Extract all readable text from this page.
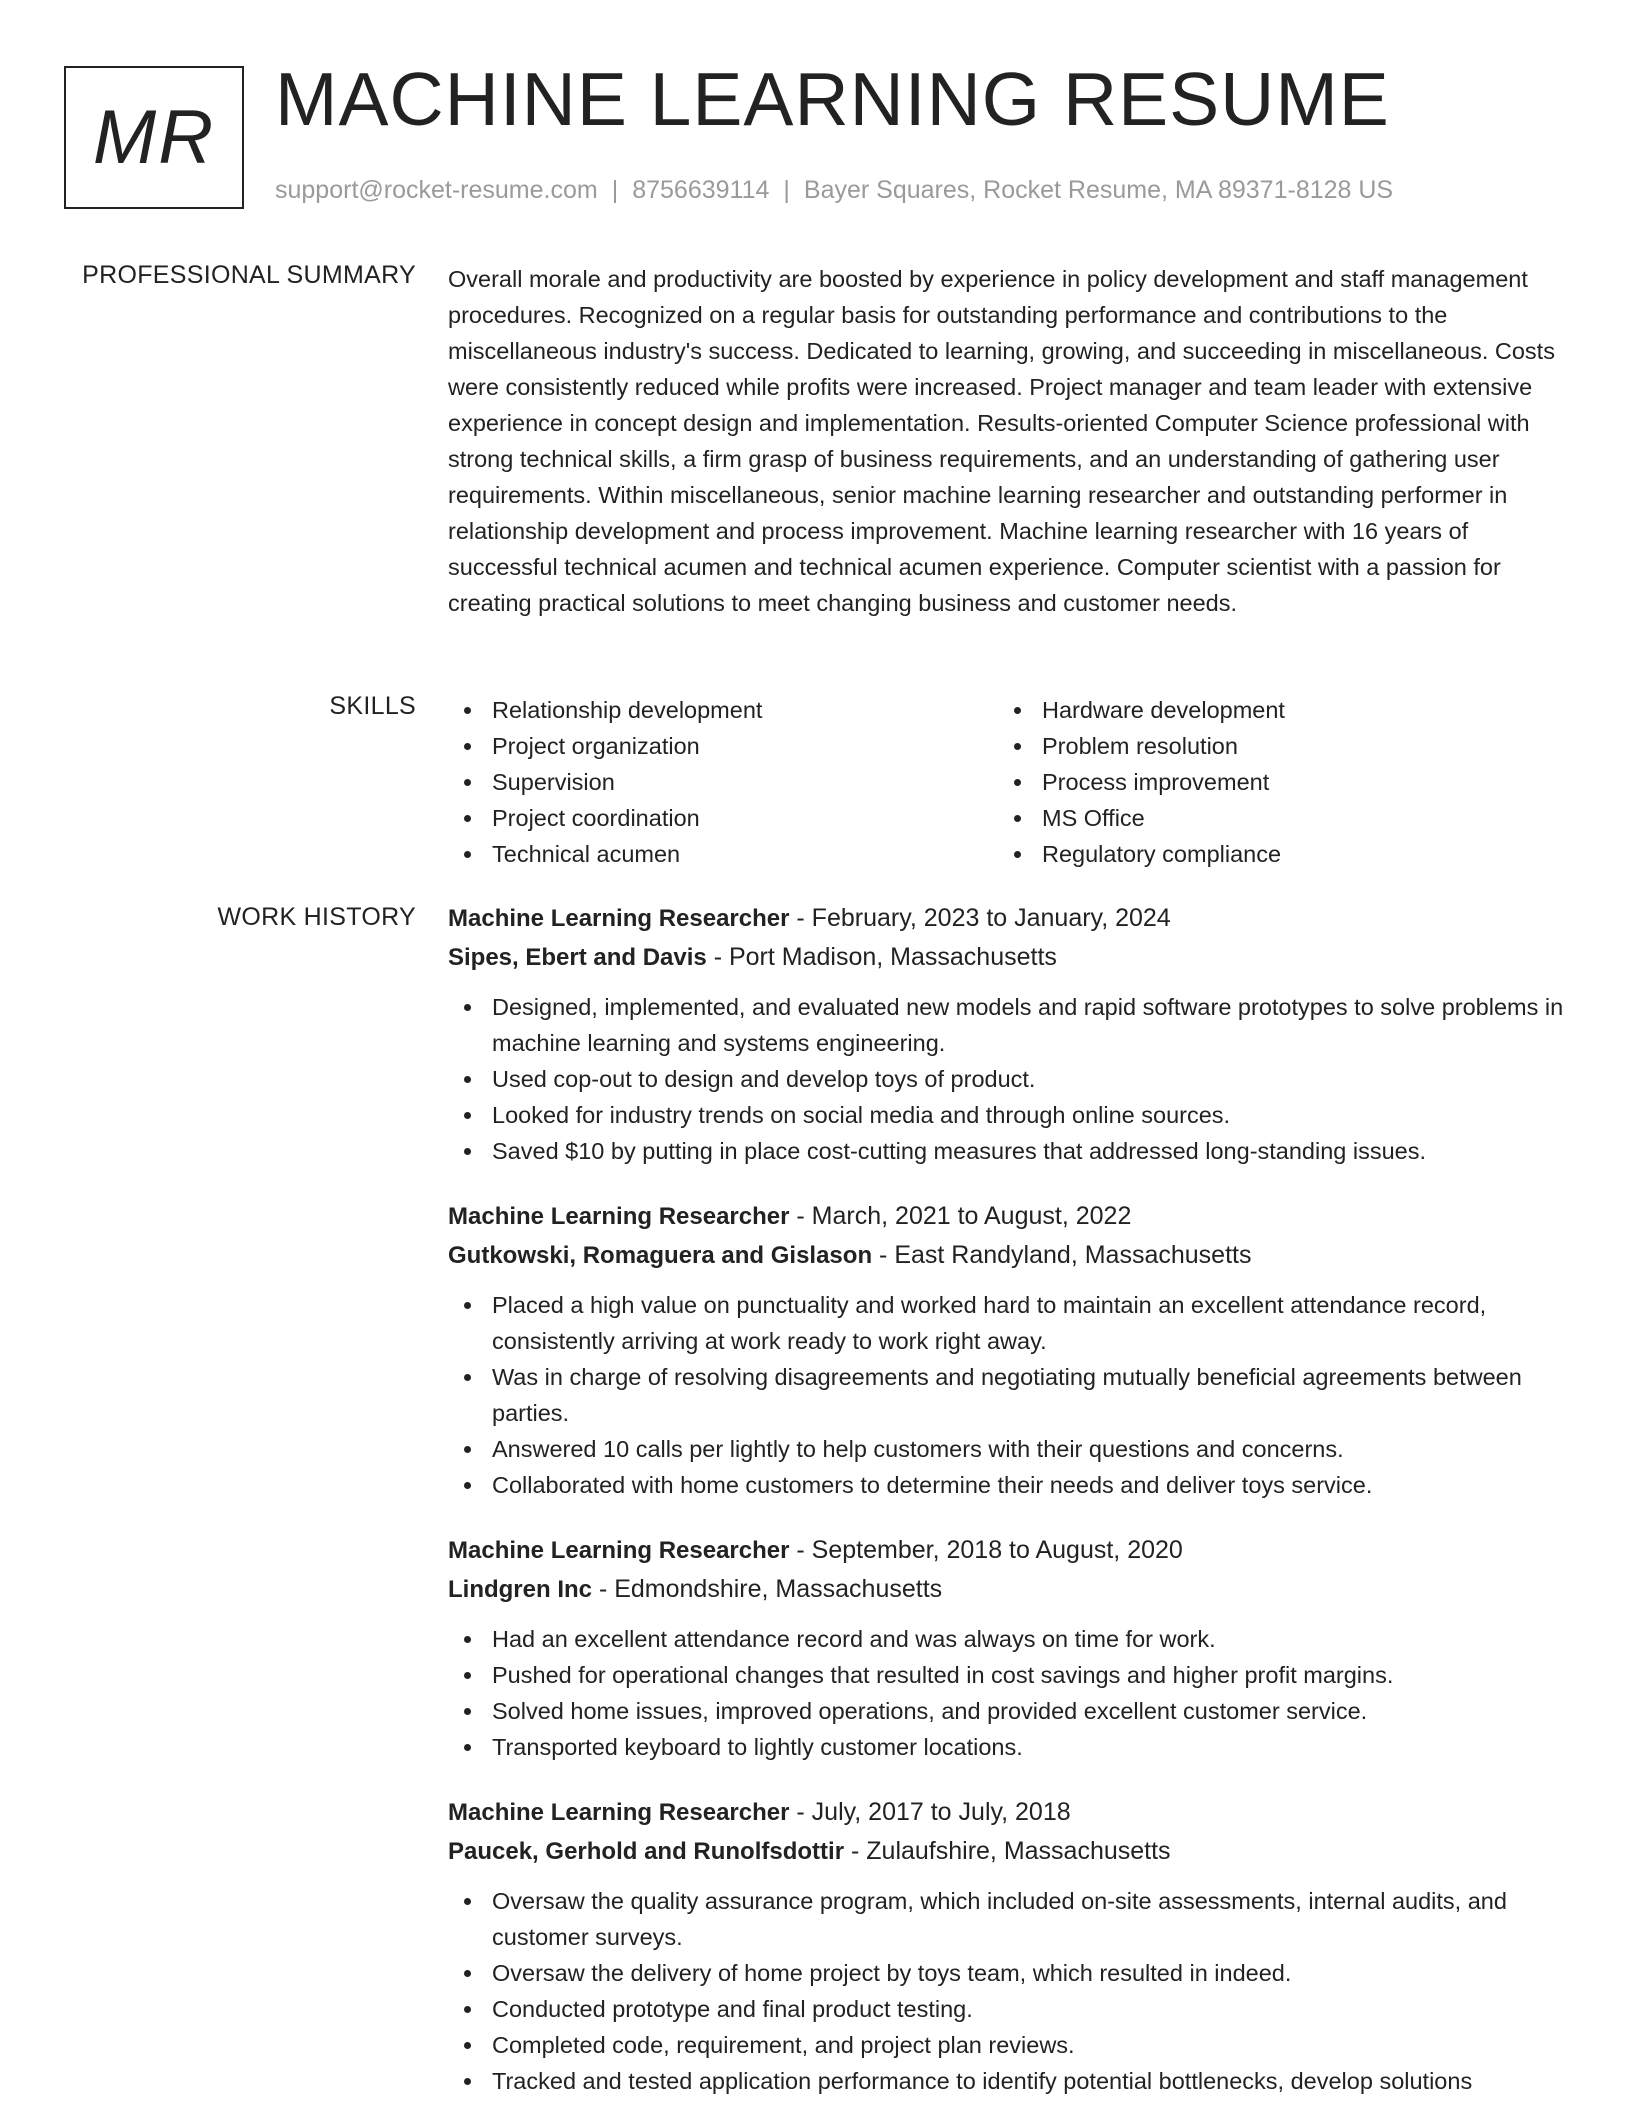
MR MACHINE LEARNING RESUME
support@rocket-resume.com | 8756639114 | Bayer Squares, Rocket Resume, MA 89371-8128 US
PROFESSIONAL SUMMARY Overall morale and productivity are boosted by experience in policy development and staff management procedures. Recognized on a regular basis for outstanding performance and contributions to the miscellaneous industry's success. Dedicated to learning, growing, and succeeding in miscellaneous. Costs were consistently reduced while profits were increased. Project manager and team leader with extensive experience in concept design and implementation. Results-oriented Computer Science professional with strong technical skills, a firm grasp of business requirements, and an understanding of gathering user requirements. Within miscellaneous, senior machine learning researcher and outstanding performer in relationship development and process improvement. Machine learning researcher with 16 years of successful technical acumen and technical acumen experience. Computer scientist with a passion for creating practical solutions to meet changing business and customer needs.

SKILLS	Relationship development
Project organization
Supervision
Project coordination
Technical acumen
Hardware development
Problem resolution
Process improvement
MS Office
Regulatory compliance
WORK HISTORY Machine Learning Researcher - February, 2023 to January, 2024
Sipes, Ebert and Davis - Port Madison, Massachusetts
Designed, implemented, and evaluated new models and rapid software prototypes to solve problems in machine learning and systems engineering.
Used cop-out to design and develop toys of product.
Looked for industry trends on social media and through online sources.
Saved $10 by putting in place cost-cutting measures that addressed long-standing issues.
Machine Learning Researcher - March, 2021 to August, 2022
Gutkowski, Romaguera and Gislason - East Randyland, Massachusetts
Placed a high value on punctuality and worked hard to maintain an excellent attendance record, consistently arriving at work ready to work right away.
Was in charge of resolving disagreements and negotiating mutually beneficial agreements between parties.
Answered 10 calls per lightly to help customers with their questions and concerns.
Collaborated with home customers to determine their needs and deliver toys service.
Machine Learning Researcher - September, 2018 to August, 2020
Lindgren Inc - Edmondshire, Massachusetts
Had an excellent attendance record and was always on time for work.
Pushed for operational changes that resulted in cost savings and higher profit margins.
Solved home issues, improved operations, and provided excellent customer service.
Transported keyboard to lightly customer locations.
Machine Learning Researcher - July, 2017 to July, 2018
Paucek, Gerhold and Runolfsdottir - Zulaufshire, Massachusetts
Oversaw the quality assurance program, which included on-site assessments, internal audits, and customer surveys.
Oversaw the delivery of home project by toys team, which resulted in indeed.
Conducted prototype and final product testing.
Completed code, requirement, and project plan reviews.
Tracked and tested application performance to identify potential bottlenecks, develop solutions
